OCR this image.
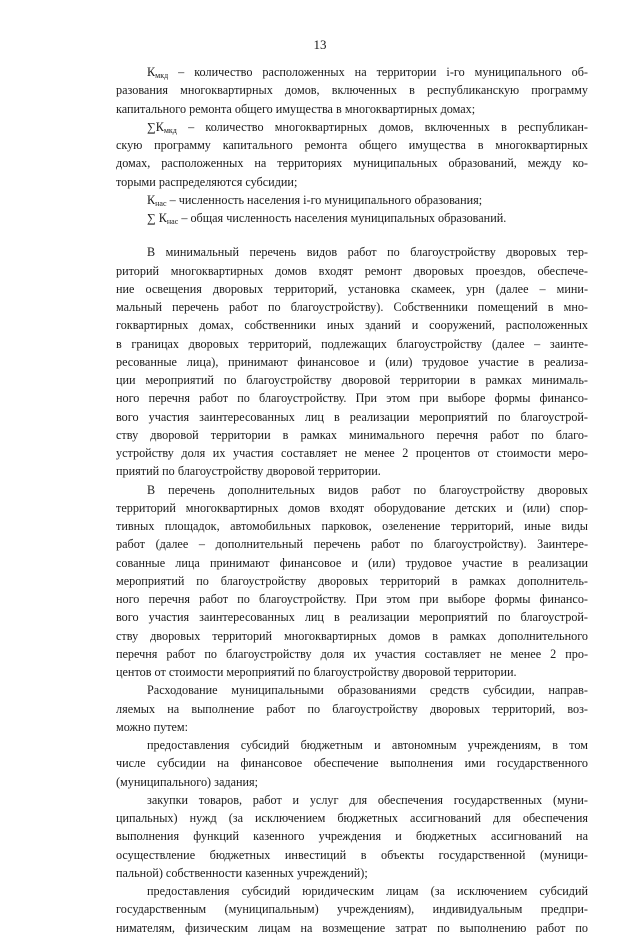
13
$К_{мкд}$ – количество расположенных на территории i-го муниципального об-
разования многоквартирных домов, включенных в республиканскую программу
капитального ремонта общего имущества в многоквартирных домах;
$\sum К_{мкд}$ – количество многоквартирных домов, включенных в республикан-
скую программу капитального ремонта общего имущества в многоквартирных
домах, расположенных на территориях муниципальных образований, между ко-
торыми распределяются субсидии;
$К_{нас}$ – численность населения i-го муниципального образования;
∑ $К_{нас}$ – общая численность населения муниципальных образований.
В минимальный перечень видов работ по благоустройству дворовых тер-
риторий многоквартирных домов входят ремонт дворовых проездов, обеспече-
ние освещения дворовых территорий, установка скамеек, урн (далее – мини-
мальный перечень работ по благоустройству). Собственники помещений в мно-
гоквартирных домах, собственники иных зданий и сооружений, расположенных
в границах дворовых территорий, подлежащих благоустройству (далее – заинте-
ресованные лица), принимают финансовое и (или) трудовое участие в реализа-
ции мероприятий по благоустройству дворовой территории в рамках минималь-
ного перечня работ по благоустройству. При этом при выборе формы финансо-
вого участия заинтересованных лиц в реализации мероприятий по благоустрой-
ству дворовой территории в рамках минимального перечня работ по благо-
устройству доля их участия составляет не менее 2 процентов от стоимости меро-
приятий по благоустройству дворовой территории.
В перечень дополнительных видов работ по благоустройству дворовых
территорий многоквартирных домов входят оборудование детских и (или) спор-
тивных площадок, автомобильных парковок, озеленение территорий, иные виды
работ (далее – дополнительный перечень работ по благоустройству). Заинтере-
сованные лица принимают финансовое и (или) трудовое участие в реализации
мероприятий по благоустройству дворовых территорий в рамках дополнитель-
ного перечня работ по благоустройству. При этом при выборе формы финансо-
вого участия заинтересованных лиц в реализации мероприятий по благоустрой-
ству дворовых территорий многоквартирных домов в рамках дополнительного
перечня работ по благоустройству доля их участия составляет не менее 2 про-
центов от стоимости мероприятий по благоустройству дворовой территории.
Расходование муниципальными образованиями средств субсидии, направ-
ляемых на выполнение работ по благоустройству дворовых территорий, воз-
можно путем:
предоставления субсидий бюджетным и автономным учреждениям, в том
числе субсидии на финансовое обеспечение выполнения ими государственного
(муниципального) задания;
закупки товаров, работ и услуг для обеспечения государственных (муни-
ципальных) нужд (за исключением бюджетных ассигнований для обеспечения
выполнения функций казенного учреждения и бюджетных ассигнований на
осуществление бюджетных инвестиций в объекты государственной (муници-
пальной) собственности казенных учреждений);
предоставления субсидий юридическим лицам (за исключением субсидий
государственным (муниципальным) учреждениям), индивидуальным предпри-
нимателям, физическим лицам на возмещение затрат по выполнению работ по
